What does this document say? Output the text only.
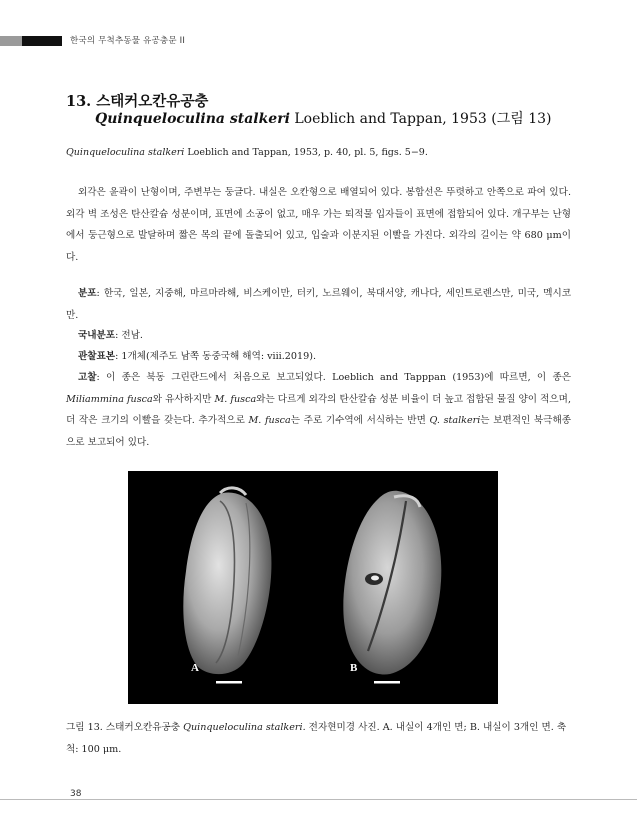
한국의 무척추동물 유공충문 II
13. 스태커오칸유공충
Quinqueloculina stalkeri Loeblich and Tappan, 1953 (그림 13)
Quinqueloculina stalkeri Loeblich and Tappan, 1953, p. 40, pl. 5, figs. 5−9.

외각은 윤곽이 난형이며, 주변부는 둥글다. 내실은 오칸형으로 배열되어 있다. 봉합선은 뚜렷하고 안쪽으로 파여 있다. 외각 벽 조성은 탄산칼슘 성분이며, 표면에 소공이 없고, 매우 가는 퇴적물 입자들이 표면에 접합되어 있다. 개구부는 난형에서 둥근형으로 발달하며 짧은 목의 끝에 돌출되어 있고, 입술과 이분지된 이빨을 가진다. 외각의 길이는 약 680 μm이다.

분포: 한국, 일본, 지중해, 마르마라해, 비스케이만, 터키, 노르웨이, 북대서양, 캐나다, 세인트로렌스만, 미국, 멕시코만.

국내분포: 전남.
관찰표본: 1개체(제주도 남쪽 동중국해 해역: viii.2019).

고찰: 이 종은 북동 그린란드에서 처음으로 보고되었다. Loeblich and Tapppan (1953)에 따르면, 이 종은 Miliammina fusca와 유사하지만 M. fusca와는 다르게 외각의 탄산칼슘 성분 비율이 더 높고 접합된 물질 양이 적으며, 더 작은 크기의 이빨을 갖는다. 추가적으로 M. fusca는 주로 기수역에 서식하는 반면 Q. stalkeri는 보편적인 북극해종으로 보고되어 있다.

A	B

그림 13. 스태커오칸유공충 Quinqueloculina stalkeri. 전자현미경 사진. A. 내실이 4개인 면; B. 내실이 3개인 면. 축척: 100 μm.

38
